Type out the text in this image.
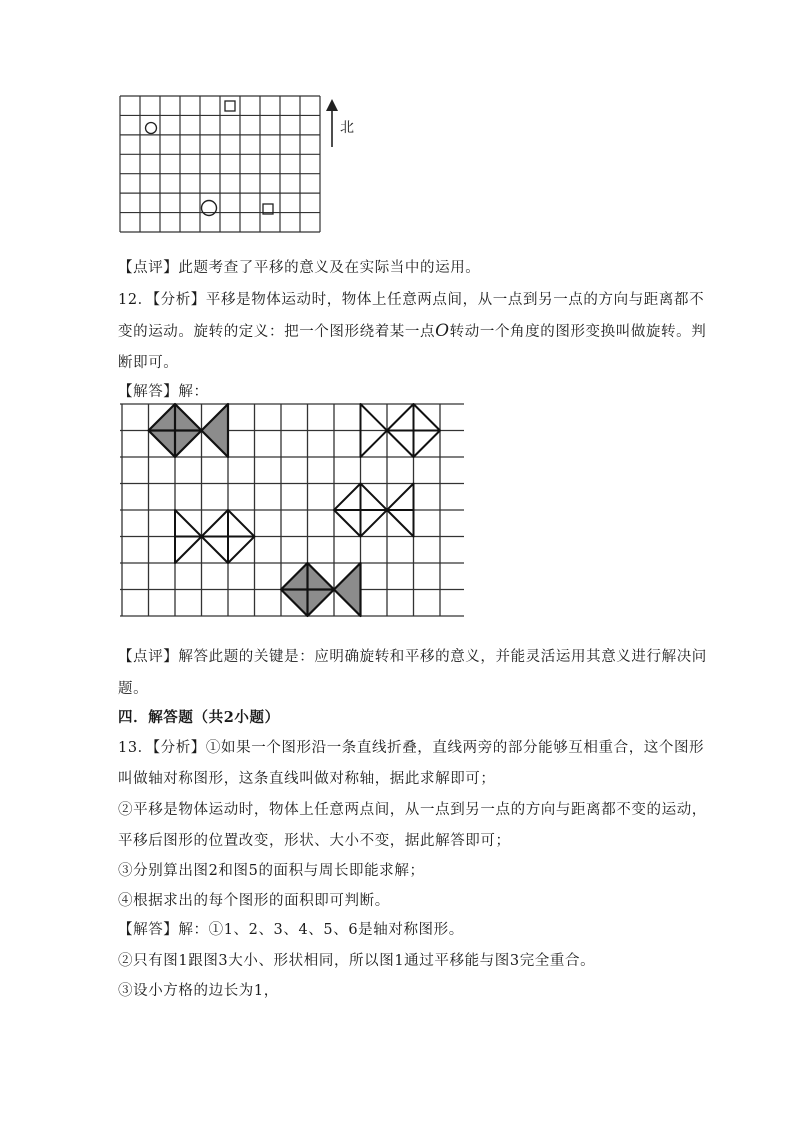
北
【点评】此题考查了平移的意义及在实际当中的运用。
12．【分析】平移是物体运动时，物体上任意两点间，从一点到另一点的方向与距离都不
变的运动。旋转的定义：把一个图形绕着某一点O转动一个角度的图形变换叫做旋转。判
断即可。
【解答】解：
【点评】解答此题的关键是：应明确旋转和平移的意义，并能灵活运用其意义进行解决问
题。
四．解答题（共2小题）
13．【分析】①如果一个图形沿一条直线折叠，直线两旁的部分能够互相重合，这个图形
叫做轴对称图形，这条直线叫做对称轴，据此求解即可；
②平移是物体运动时，物体上任意两点间，从一点到另一点的方向与距离都不变的运动，
平移后图形的位置改变，形状、大小不变，据此解答即可；
③分别算出图2和图5的面积与周长即能求解；
④根据求出的每个图形的面积即可判断。
【解答】解：①1、2、3、4、5、6是轴对称图形。
②只有图1跟图3大小、形状相同，所以图1通过平移能与图3完全重合。
③设小方格的边长为1，
